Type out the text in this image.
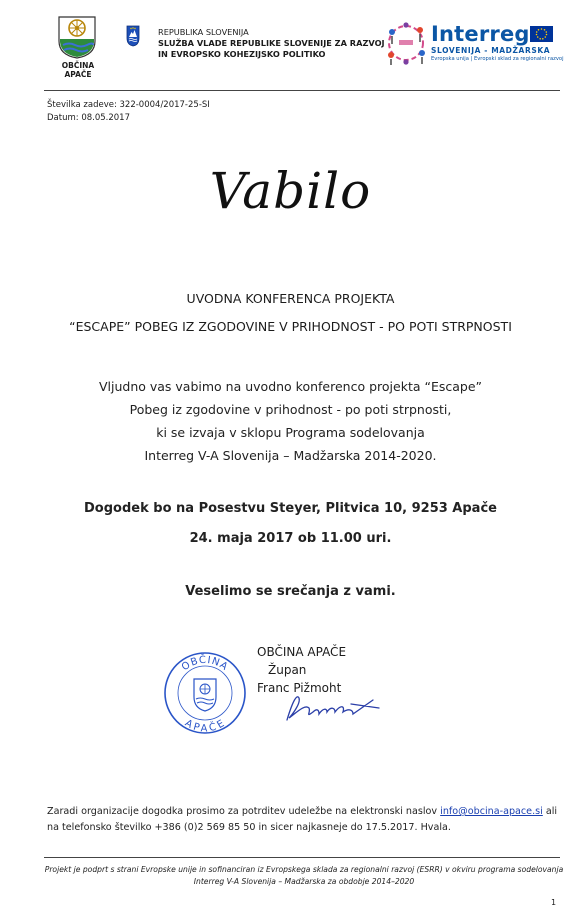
OBČINA APAČE
REPUBLIKA SLOVENIJA
SLUŽBA VLADE REPUBLIKE SLOVENIJE ZA RAZVOJ
IN EVROPSKO KOHEZIJSKO POLITIKO
Interreg
SLOVENIJA - MADŽARSKA
Evropska unija | Evropski sklad za regionalni razvoj
Številka zadeve: 322-0004/2017-25-SI
Datum: 08.05.2017
Vabilo
UVODNA KONFERENCA PROJEKTA
“ESCAPE” POBEG IZ ZGODOVINE V PRIHODNOST - PO POTI STRPNOSTI
Vljudno vas vabimo na uvodno konferenco projekta “Escape”
Pobeg iz zgodovine v prihodnost - po poti strpnosti,
ki se izvaja v sklopu Programa sodelovanja
Interreg V-A Slovenija – Madžarska 2014-2020.
Dogodek bo na Posestvu Steyer, Plitvica 10, 9253 Apače
24. maja 2017 ob 11.00 uri.
Veselimo se srečanja z vami.
OBČINA
APAČE
OBČINA APAČE
Župan
Franc Pižmoht
Zaradi organizacije dogodka prosimo za potrditev udeležbe na elektronski naslov info@obcina-apace.si ali na telefonsko številko +386 (0)2 569 85 50 in sicer najkasneje do 17.5.2017. Hvala.
Projekt je podprt s strani Evropske unije in sofinanciran iz Evropskega sklada za regionalni razvoj (ESRR) v okviru programa sodelovanja Interreg V-A Slovenija – Madžarska za obdobje 2014–2020
1
